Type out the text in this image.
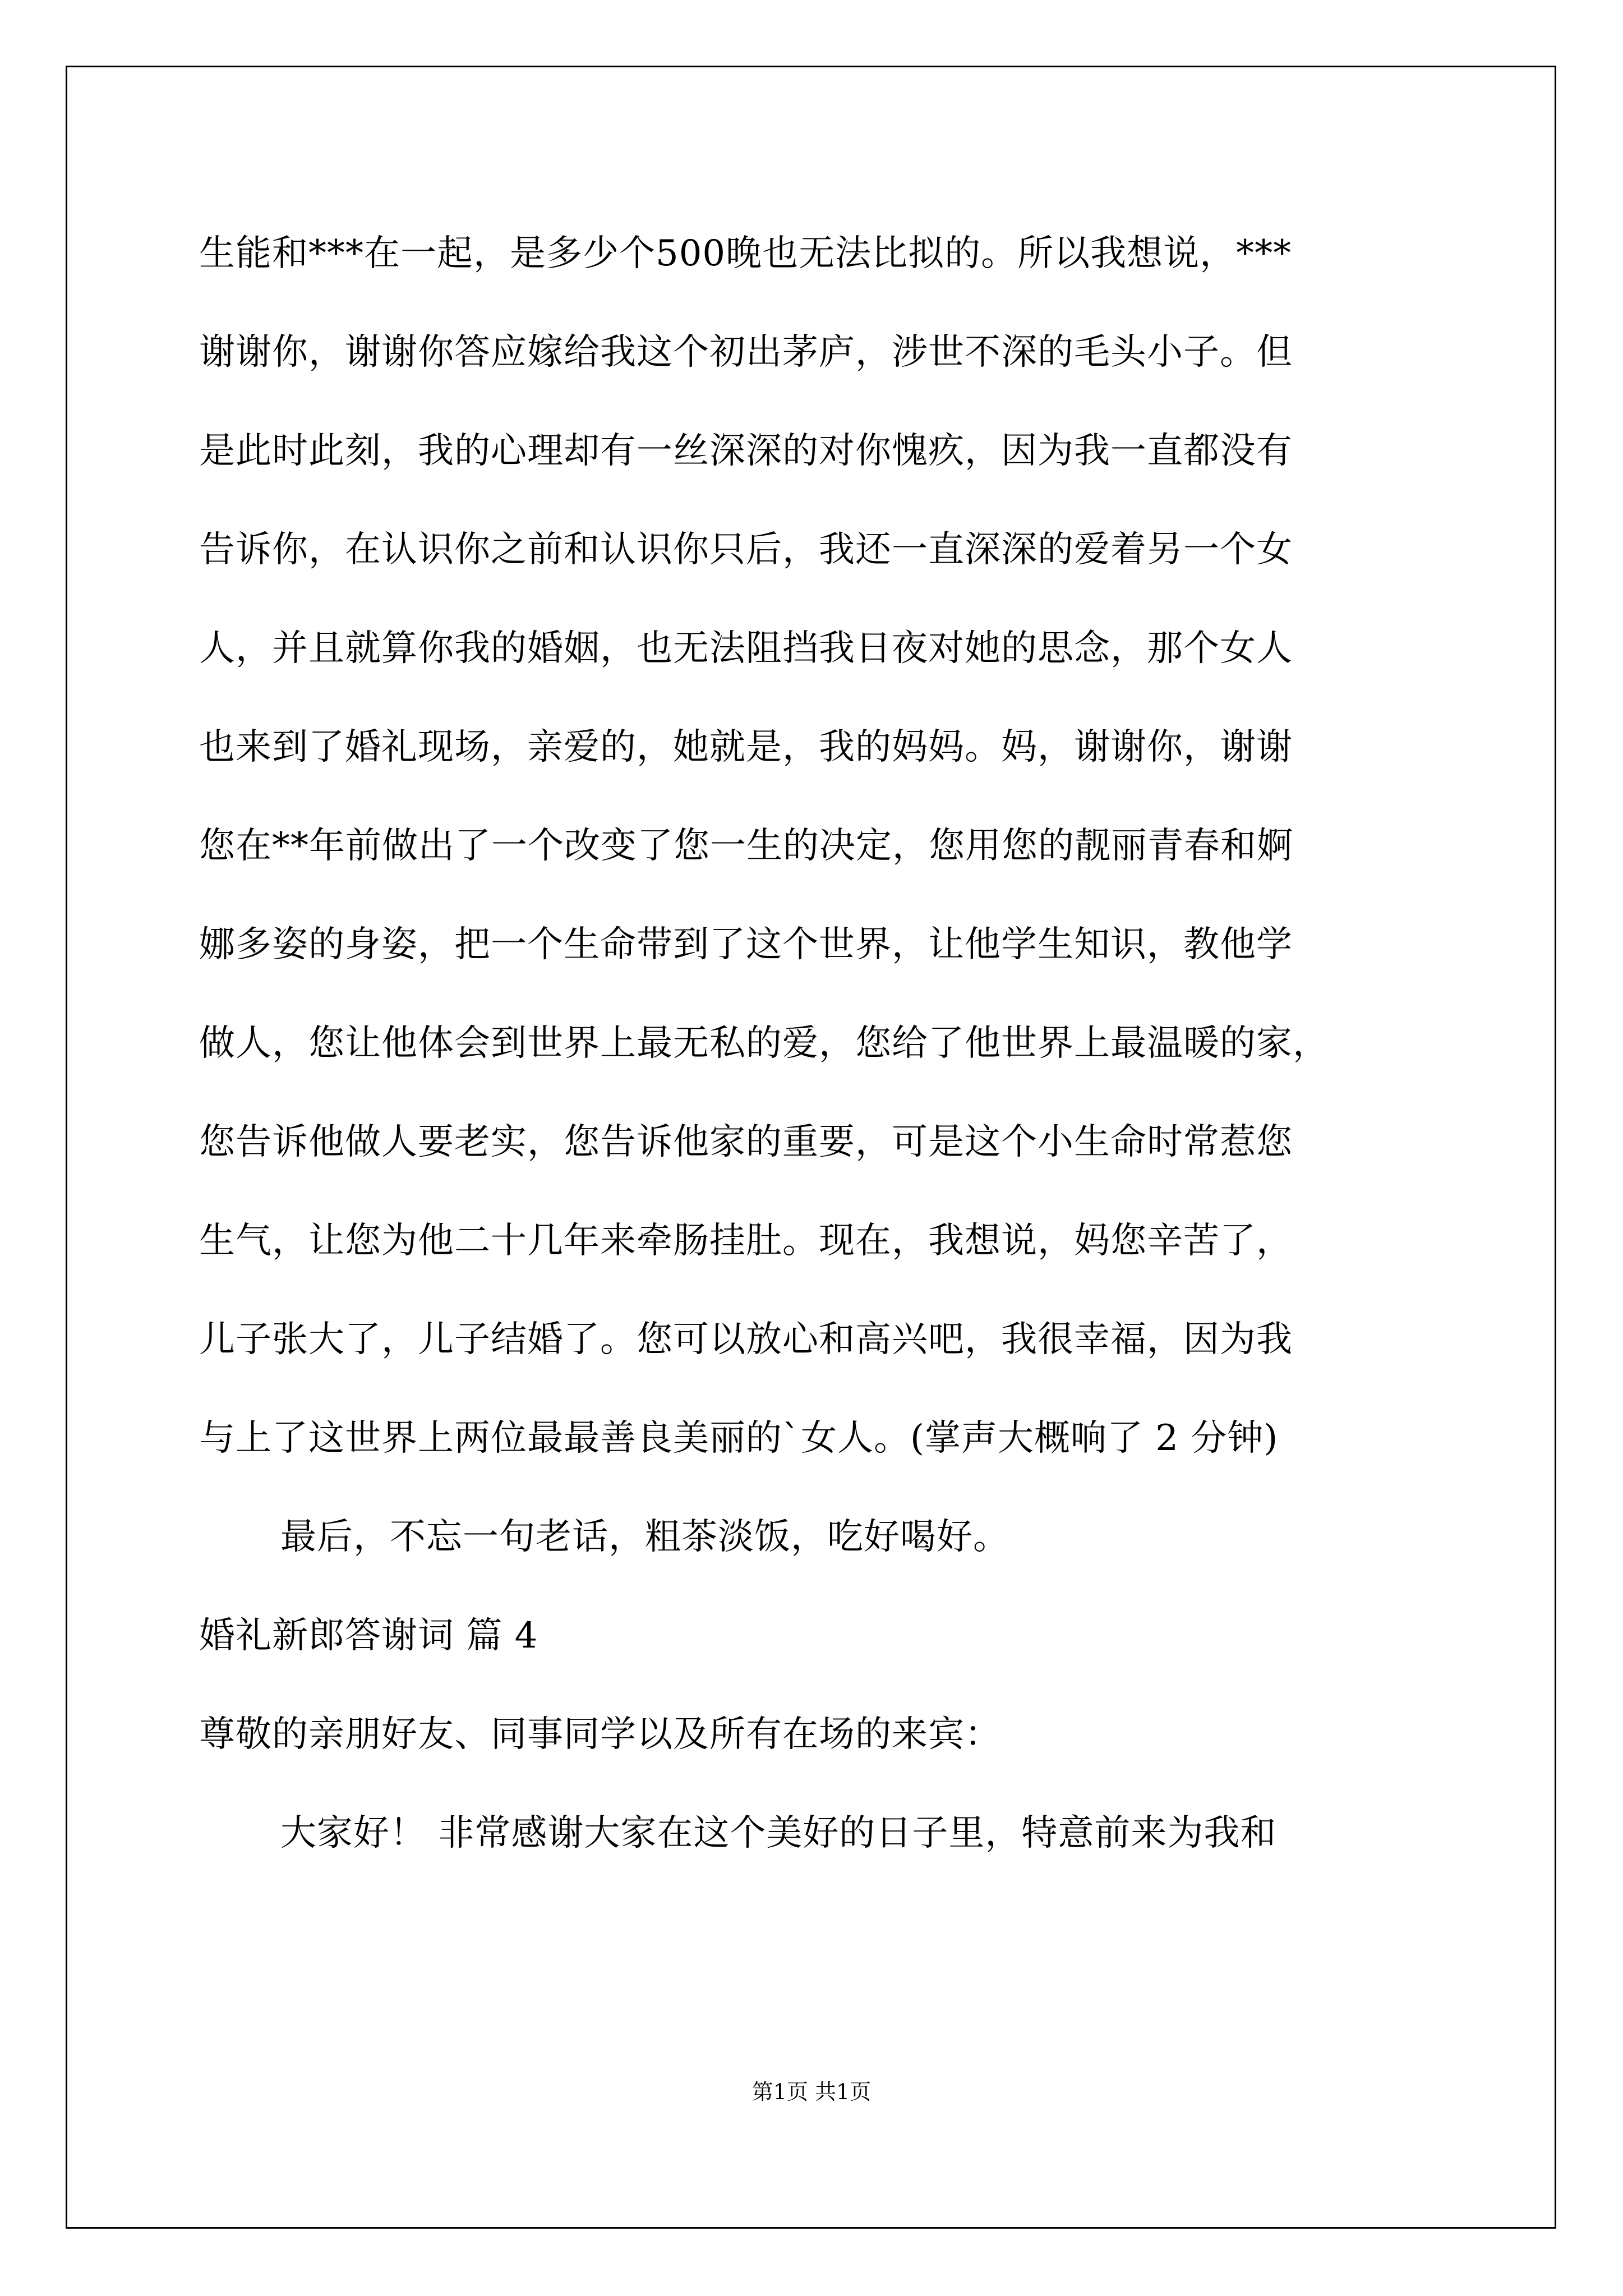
生能和***在一起，是多少个500晚也无法比拟的。所以我想说，***
谢谢你，谢谢你答应嫁给我这个初出茅庐，涉世不深的毛头小子。但
是此时此刻，我的心理却有一丝深深的对你愧疚，因为我一直都没有
告诉你，在认识你之前和认识你只后，我还一直深深的爱着另一个女
人，并且就算你我的婚姻，也无法阻挡我日夜对她的思念，那个女人
也来到了婚礼现场，亲爱的，她就是，我的妈妈。妈，谢谢你，谢谢
您在**年前做出了一个改变了您一生的决定，您用您的靓丽青春和婀
娜多姿的身姿，把一个生命带到了这个世界，让他学生知识，教他学
做人，您让他体会到世界上最无私的爱，您给了他世界上最温暖的家，
您告诉他做人要老实，您告诉他家的重要，可是这个小生命时常惹您
生气，让您为他二十几年来牵肠挂肚。现在，我想说，妈您辛苦了，
儿子张大了，儿子结婚了。您可以放心和高兴吧，我很幸福，因为我
与上了这世界上两位最最善良美丽的`女人。(掌声大概响了 2 分钟)
最后，不忘一句老话，粗茶淡饭，吃好喝好。
婚礼新郎答谢词 篇 4
尊敬的亲朋好友、同事同学以及所有在场的来宾：
大家好！ 非常感谢大家在这个美好的日子里，特意前来为我和
第1页 共1页
